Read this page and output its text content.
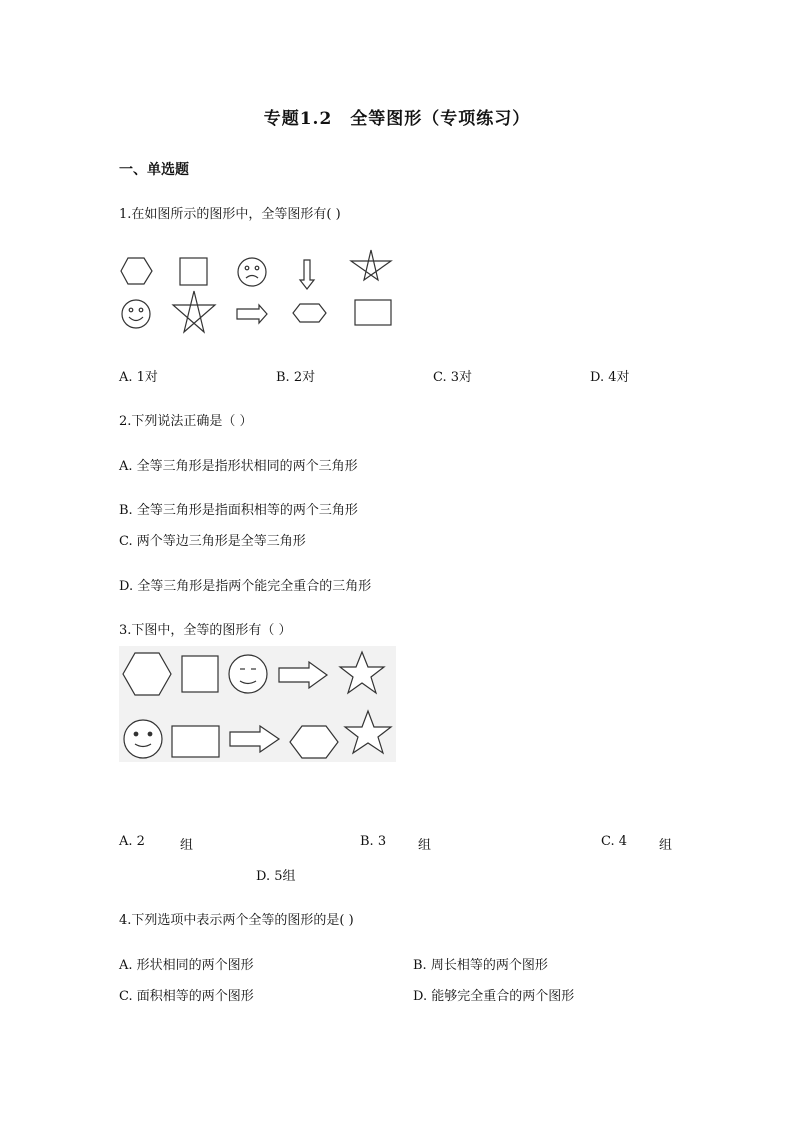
专题1.2　全等图形（专项练习）
一、单选题
1.在如图所示的图形中，全等图形有( )
A. 1对	B. 2对	C. 3对	D. 4对
2.下列说法正确是（ ）
A. 全等三角形是指形状相同的两个三角形
B. 全等三角形是指面积相等的两个三角形
C. 两个等边三角形是全等三角形
D. 全等三角形是指两个能完全重合的三角形
3.下图中，全等的图形有（ ）
A. 2	组	B. 3 组	C. 4 组
D. 5组
4.下列选项中表示两个全等的图形的是( )
A. 形状相同的两个图形	B. 周长相等的两个图形
C. 面积相等的两个图形	D. 能够完全重合的两个图形
